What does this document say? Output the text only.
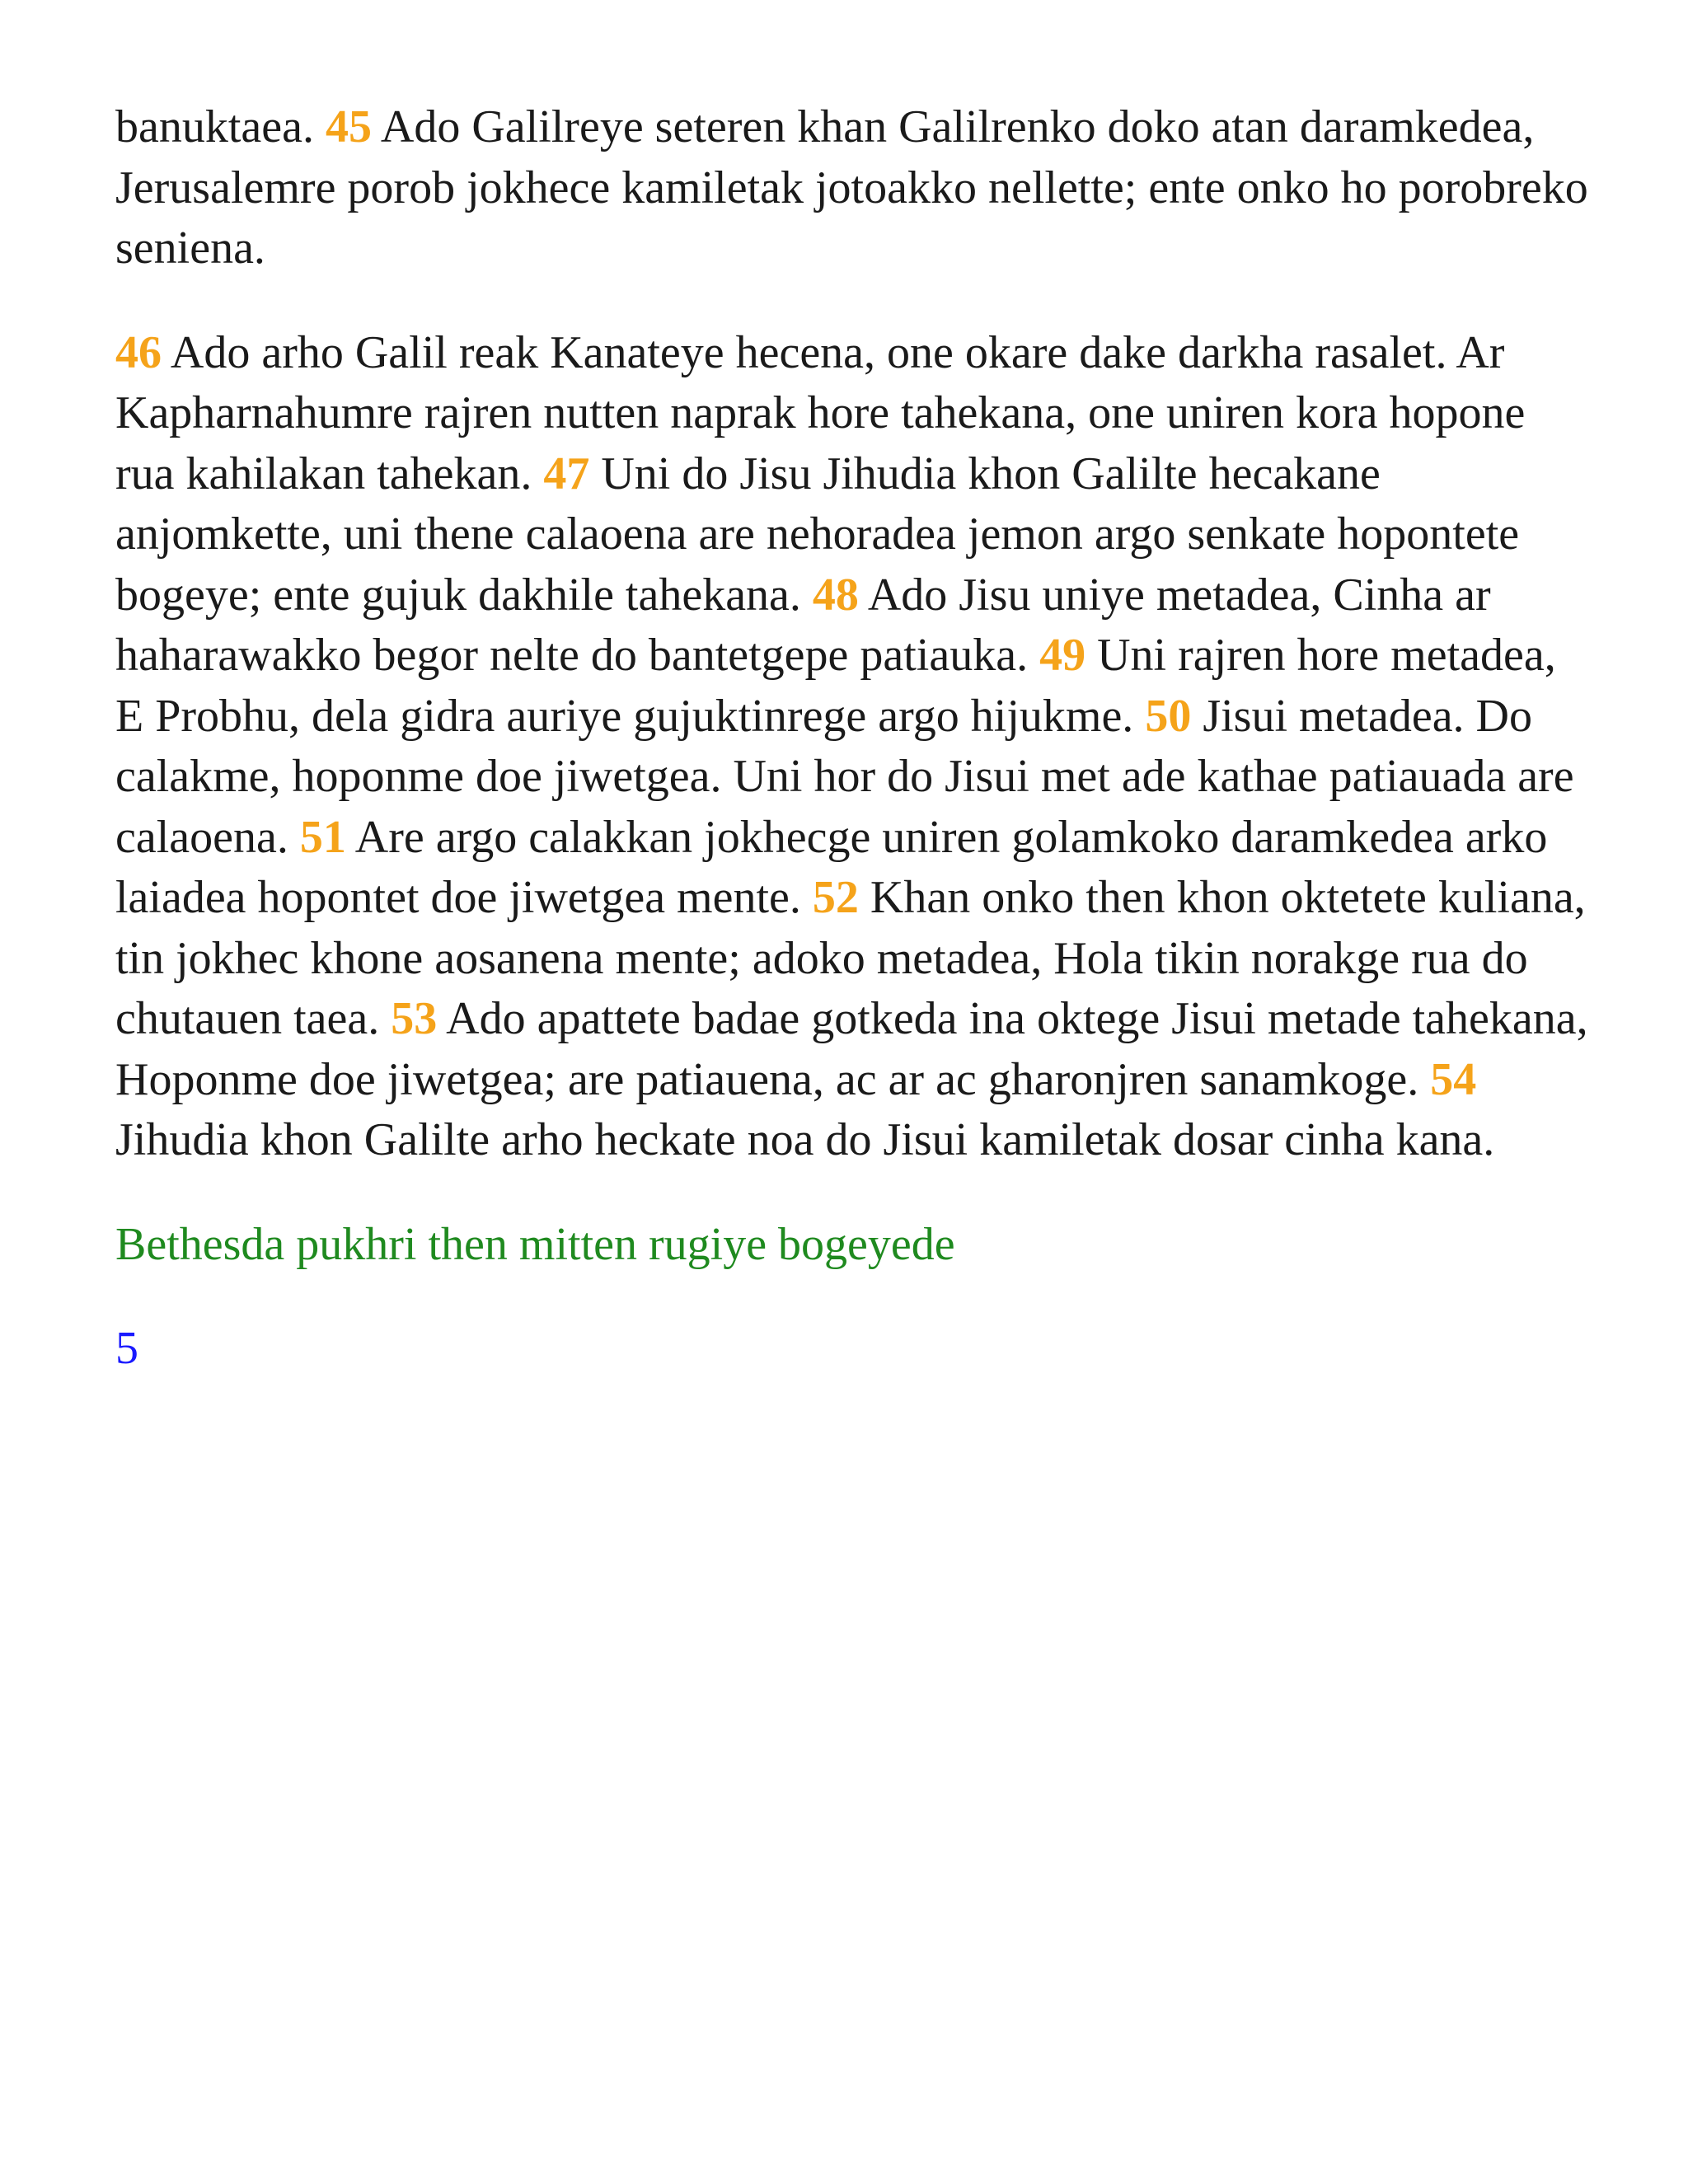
banuktaea. 45 Ado Galilreye seteren khan Galilrenko doko atan daramkedea, Jerusalemre porob jokhece kamiletak jotoakko nellette; ente onko ho porobreko seniena.

46 Ado arho Galil reak Kanateye hecena, one okare dake darkha rasalet. Ar Kapharnahumre rajren nutten naprak hore tahekana, one uniren kora hopone rua kahilakan tahekan. 47 Uni do Jisu Jihudia khon Galilte hecakane anjomkette, uni thene calaoena are nehoradea jemon argo senkate hopontete bogeye; ente gujuk dakhile tahekana. 48 Ado Jisu uniye metadea, Cinha ar haharawakko begor nelte do bantetgepe patiauka. 49 Uni rajren hore metadea, E Probhu, dela gidra auriye gujuktinrege argo hijukme. 50 Jisui metadea. Do calakme, hoponme doe jiwetgea. Uni hor do Jisui met ade kathae patiauada are calaoena. 51 Are argo calakkan jokhecge uniren golamkoko daramkedea arko laiadea hopontet doe jiwetgea mente. 52 Khan onko then khon oktetete kuliana, tin jokhec khone aosanena mente; adoko metadea, Hola tikin norakge rua do chutauen taea. 53 Ado apattete badae gotkeda ina oktege Jisui metade tahekana, Hoponme doe jiwetgea; are patiauena, ac ar ac gharonjren sanamkoge. 54 Jihudia khon Galilte arho heckate noa do Jisui kamiletak dosar cinha kana.

Bethesda pukhri then mitten rugiye bogeyede

5
